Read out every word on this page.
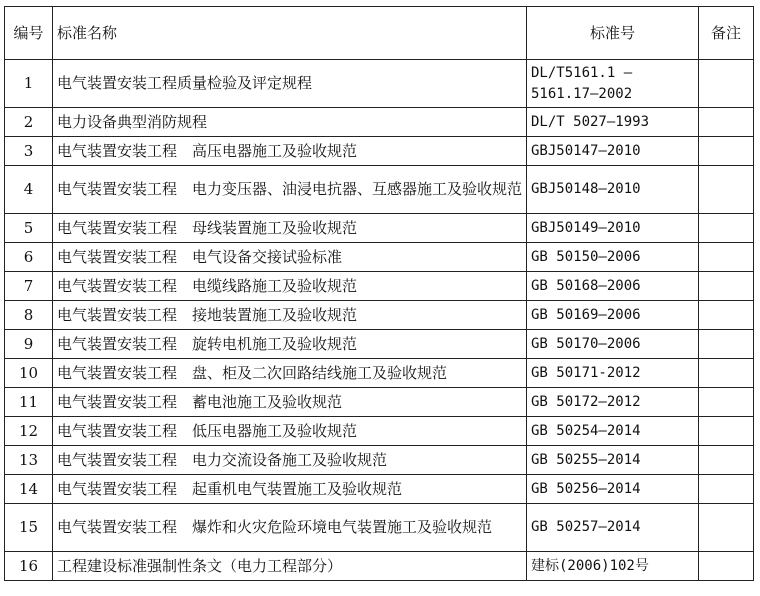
编号	标准名称	标准号	备注
1	电气装置安装工程质量检验及评定规程	DL/T5161.1 — 5161.17—2002	
2	电力设备典型消防规程	DL/T 5027—1993	
3	电气装置安装工程　高压电器施工及验收规范	GBJ50147—2010	
4	电气装置安装工程　电力变压器、油浸电抗器、互感器施工及验收规范	GBJ50148—2010	
5	电气装置安装工程　母线装置施工及验收规范	GBJ50149—2010	
6	电气装置安装工程　电气设备交接试验标准	GB 50150—2006	
7	电气装置安装工程　电缆线路施工及验收规范	GB 50168—2006	
8	电气装置安装工程　接地装置施工及验收规范	GB 50169—2006	
9	电气装置安装工程　旋转电机施工及验收规范	GB 50170—2006	
10	电气装置安装工程　盘、柜及二次回路结线施工及验收规范	GB 50171-2012	
11	电气装置安装工程　蓄电池施工及验收规范	GB 50172—2012	
12	电气装置安装工程　低压电器施工及验收规范	GB 50254—2014	
13	电气装置安装工程　电力交流设备施工及验收规范	GB 50255—2014	
14	电气装置安装工程　起重机电气装置施工及验收规范	GB 50256—2014	
15	电气装置安装工程　爆炸和火灾危险环境电气装置施工及验收规范	GB 50257—2014	
16	工程建设标准强制性条文（电力工程部分）	建标(2006)102号	
